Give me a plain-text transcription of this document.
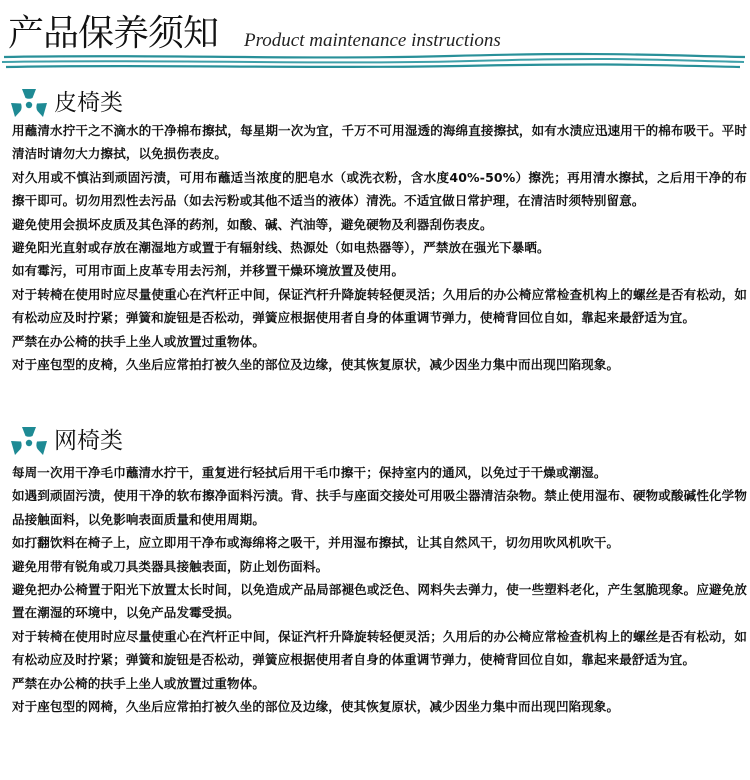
产品保养须知 Product maintenance instructions
皮椅类

用蘸清水拧干之不滴水的干净棉布擦拭，每星期一次为宜，千万不可用湿透的海绵直接擦拭，如有水渍应迅速用干的棉布吸干。平时清洁时请勿大力擦拭，以免损伤表皮。

对久用或不慎沾到顽固污渍，可用布蘸适当浓度的肥皂水（或洗衣粉，含水度40%-50%）擦洗；再用清水擦拭，之后用干净的布擦干即可。切勿用烈性去污品（如去污粉或其他不适当的液体）清洗。不适宜做日常护理，在清洁时须特别留意。

避免使用会损坏皮质及其色泽的药剂，如酸、碱、汽油等，避免硬物及利器刮伤表皮。

避免阳光直射或存放在潮湿地方或置于有辐射线、热源处（如电热器等），严禁放在强光下暴晒。

如有霉污，可用市面上皮革专用去污剂，并移置干燥环境放置及使用。

对于转椅在使用时应尽量使重心在汽杆正中间，保证汽杆升降旋转轻便灵活；久用后的办公椅应常检查机构上的螺丝是否有松动，如有松动应及时拧紧；弹簧和旋钮是否松动，弹簧应根据使用者自身的体重调节弹力，使椅背回位自如，靠起来最舒适为宜。

严禁在办公椅的扶手上坐人或放置过重物体。

对于座包型的皮椅，久坐后应常拍打被久坐的部位及边缘，使其恢复原状，减少因坐力集中而出现凹陷现象。

网椅类

每周一次用干净毛巾蘸清水拧干，重复进行轻拭后用干毛巾擦干；保持室内的通风，以免过于干燥或潮湿。

如遇到顽固污渍，使用干净的软布擦净面料污渍。背、扶手与座面交接处可用吸尘器清洁杂物。禁止使用湿布、硬物或酸碱性化学物品接触面料，以免影响表面质量和使用周期。

如打翻饮料在椅子上，应立即用干净布或海绵将之吸干，并用湿布擦拭，让其自然风干，切勿用吹风机吹干。

避免用带有锐角或刀具类器具接触表面，防止划伤面料。

避免把办公椅置于阳光下放置太长时间，以免造成产品局部褪色或泛色、网料失去弹力，使一些塑料老化，产生氢脆现象。应避免放置在潮湿的环境中，以免产品发霉受损。

对于转椅在使用时应尽量使重心在汽杆正中间，保证汽杆升降旋转轻便灵活；久用后的办公椅应常检查机构上的螺丝是否有松动，如有松动应及时拧紧；弹簧和旋钮是否松动，弹簧应根据使用者自身的体重调节弹力，使椅背回位自如，靠起来最舒适为宜。

严禁在办公椅的扶手上坐人或放置过重物体。

对于座包型的网椅，久坐后应常拍打被久坐的部位及边缘，使其恢复原状，减少因坐力集中而出现凹陷现象。
